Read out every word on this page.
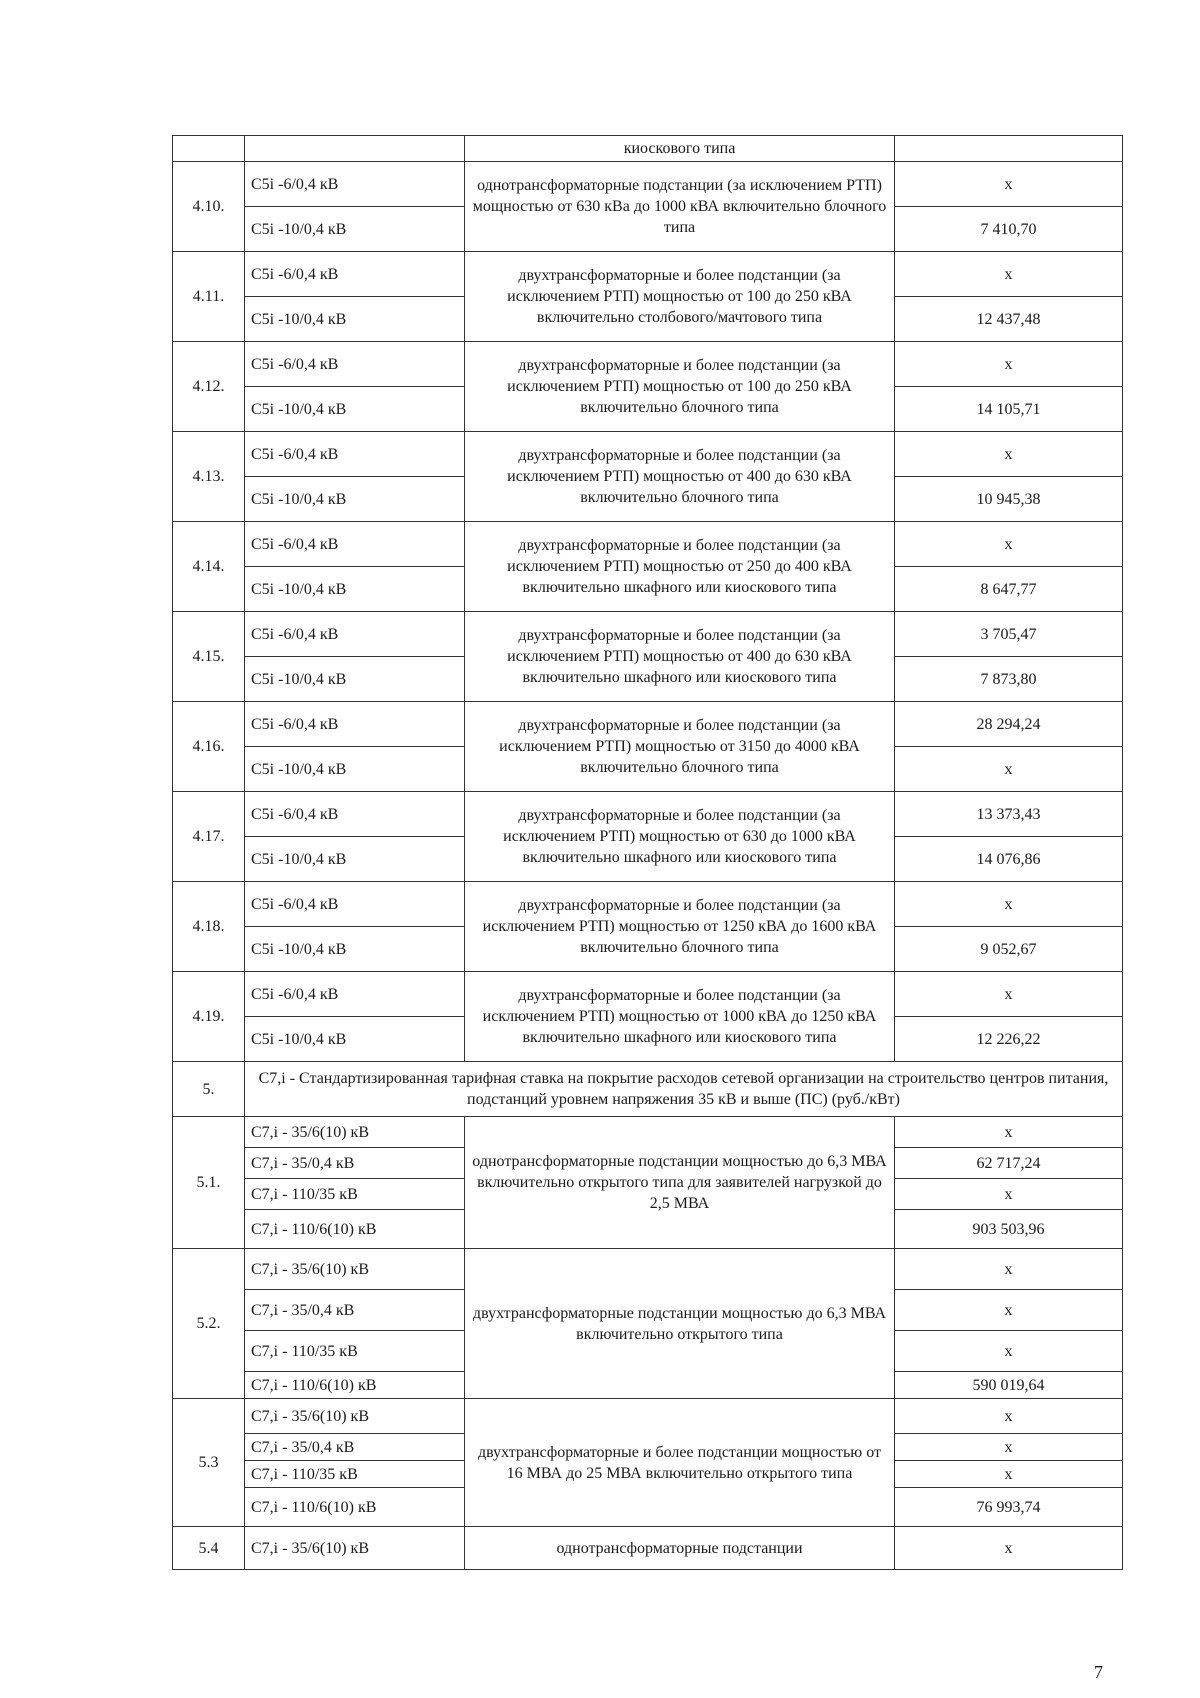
		киоскового типа	
4.10.	С5i -6/0,4 кВ	однотрансформаторные подстанции (за исключением РТП) мощностью от 630 кВа до 1000 кВА включительно блочного типа	х
	С5i -10/0,4 кВ		7 410,70
4.11.	С5i -6/0,4 кВ	двухтрансформаторные и более подстанции (за исключением РТП) мощностью от 100 до 250 кВА включительно столбового/мачтового типа	х
	С5i -10/0,4 кВ		12 437,48
4.12.	С5i -6/0,4 кВ	двухтрансформаторные и более подстанции (за исключением РТП) мощностью от 100 до 250 кВА включительно блочного типа	х
	С5i -10/0,4 кВ		14 105,71
4.13.	С5i -6/0,4 кВ	двухтрансформаторные и более подстанции (за исключением РТП) мощностью от 400 до 630 кВА включительно блочного типа	х
	С5i -10/0,4 кВ		10 945,38
4.14.	С5i -6/0,4 кВ	двухтрансформаторные и более подстанции (за исключением РТП) мощностью от 250 до 400 кВА включительно шкафного или киоскового типа	х
	С5i -10/0,4 кВ		8 647,77
4.15.	С5i -6/0,4 кВ	двухтрансформаторные и более подстанции (за исключением РТП) мощностью от 400 до 630 кВА включительно шкафного или киоскового типа	3 705,47
	С5i -10/0,4 кВ		7 873,80
4.16.	С5i -6/0,4 кВ	двухтрансформаторные и более подстанции (за исключением РТП) мощностью от 3150 до 4000 кВА включительно блочного типа	28 294,24
	С5i -10/0,4 кВ		х
4.17.	С5i -6/0,4 кВ	двухтрансформаторные и более подстанции (за исключением РТП) мощностью от 630 до 1000 кВА включительно шкафного или киоскового типа	13 373,43
	С5i -10/0,4 кВ		14 076,86
4.18.	С5i -6/0,4 кВ	двухтрансформаторные и более подстанции (за исключением РТП) мощностью от 1250 кВА до 1600 кВА включительно блочного типа	х
	С5i -10/0,4 кВ		9 052,67
4.19.	С5i -6/0,4 кВ	двухтрансформаторные и более подстанции (за исключением РТП) мощностью от 1000 кВА до 1250 кВА включительно шкафного или киоскового типа	х
	С5i -10/0,4 кВ		12 226,22
5.	С7,i - Стандартизированная тарифная ставка на покрытие расходов сетевой организации на строительство центров питания, подстанций уровнем напряжения 35 кВ и выше (ПС) (руб./кВт)		
5.1.	С7,i - 35/6(10) кВ	однотрансформаторные подстанции мощностью до 6,3 МВА включительно открытого типа для заявителей нагрузкой до 2,5 МВА	х
	С7,i - 35/0,4 кВ		62 717,24
	С7,i - 110/35 кВ		х
	С7,i - 110/6(10) кВ		903 503,96
5.2.	С7,i - 35/6(10) кВ	двухтрансформаторные подстанции мощностью до 6,3 МВА включительно открытого типа	х
	С7,i - 35/0,4 кВ		х
	С7,i - 110/35 кВ		х
	С7,i - 110/6(10) кВ		590 019,64
5.3	С7,i - 35/6(10) кВ	двухтрансформаторные и более подстанции мощностью от 16 МВА до 25 МВА включительно открытого типа	х
	С7,i - 35/0,4 кВ		х
	С7,i - 110/35 кВ		х
	С7,i - 110/6(10) кВ		76 993,74
5.4	С7,i - 35/6(10) кВ	однотрансформаторные подстанции	х
7
